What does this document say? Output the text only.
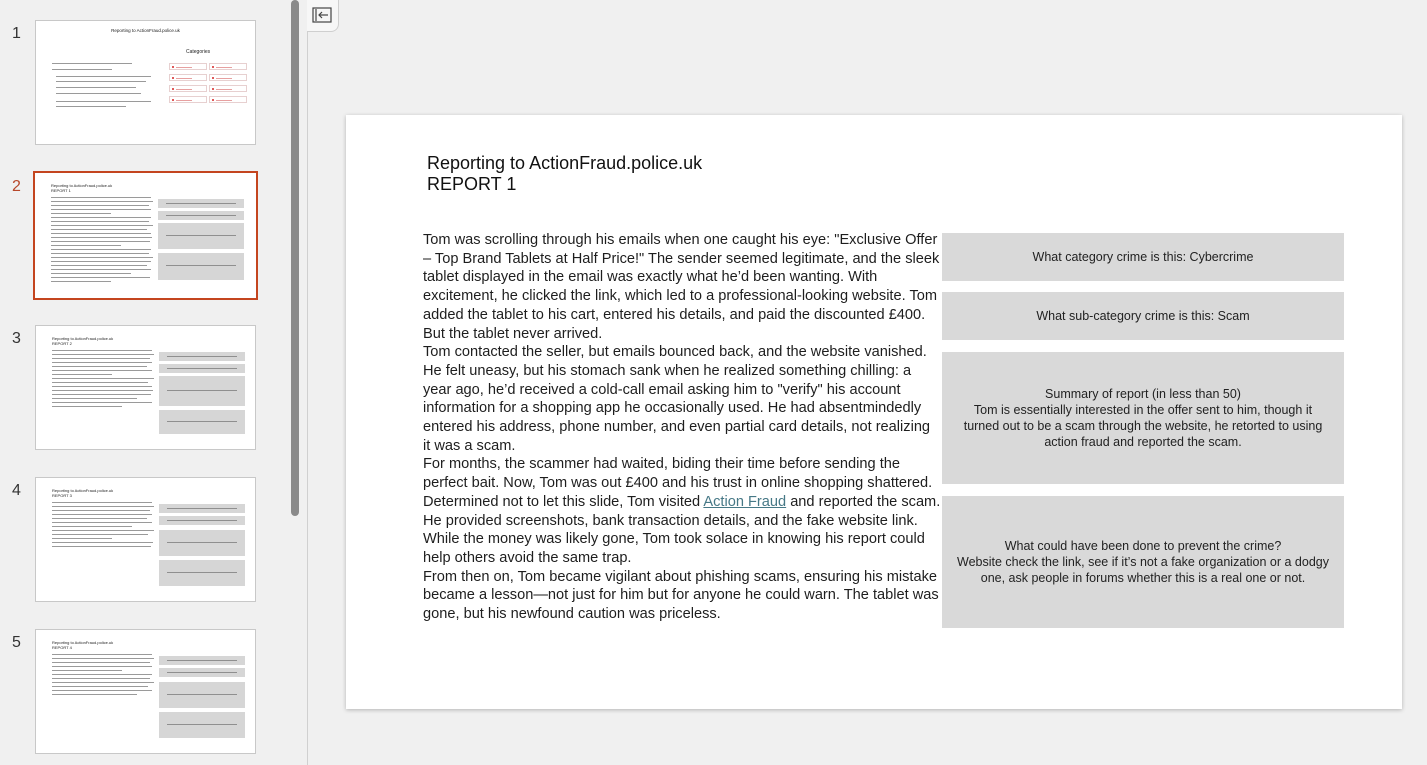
1	Reporting to ActionFraud.police.uk
Categories
2	Reporting to ActionFraud.police.uk
REPORT 1
3	Reporting to ActionFraud.police.uk
REPORT 2
4	Reporting to ActionFraud.police.uk
REPORT 3
5	Reporting to ActionFraud.police.uk
REPORT 4
Reporting to ActionFraud.police.uk
REPORT 1

Tom was scrolling through his emails when one caught his eye: "Exclusive Offer – Top Brand Tablets at Half Price!" The sender seemed legitimate, and the sleek tablet displayed in the email was exactly what he’d been wanting. With excitement, he clicked the link, which led to a professional-looking website. Tom added the tablet to his cart, entered his details, and paid the discounted £400.

But the tablet never arrived.

Tom contacted the seller, but emails bounced back, and the website vanished. He felt uneasy, but his stomach sank when he realized something chilling: a year ago, he’d received a cold-call email asking him to "verify" his account information for a shopping app he occasionally used. He had absentmindedly entered his address, phone number, and even partial card details, not realizing it was a scam.

For months, the scammer had waited, biding their time before sending the perfect bait. Now, Tom was out £400 and his trust in online shopping shattered.

Determined not to let this slide, Tom visited Action Fraud and reported the scam. He provided screenshots, bank transaction details, and the fake website link. While the money was likely gone, Tom took solace in knowing his report could help others avoid the same trap.

From then on, Tom became vigilant about phishing scams, ensuring his mistake became a lesson—not just for him but for anyone he could warn. The tablet was gone, but his newfound caution was priceless.

What category crime is this: Cybercrime
What sub-category crime is this: Scam
Summary of report (in less than 50)
Tom is essentially interested in the offer sent to him, though it turned out to be a scam through the website, he retorted to using action fraud and reported the scam.
What could have been done to prevent the crime?
Website check the link, see if it’s not a fake organization or a dodgy one, ask people in forums whether this is a real one or not.
